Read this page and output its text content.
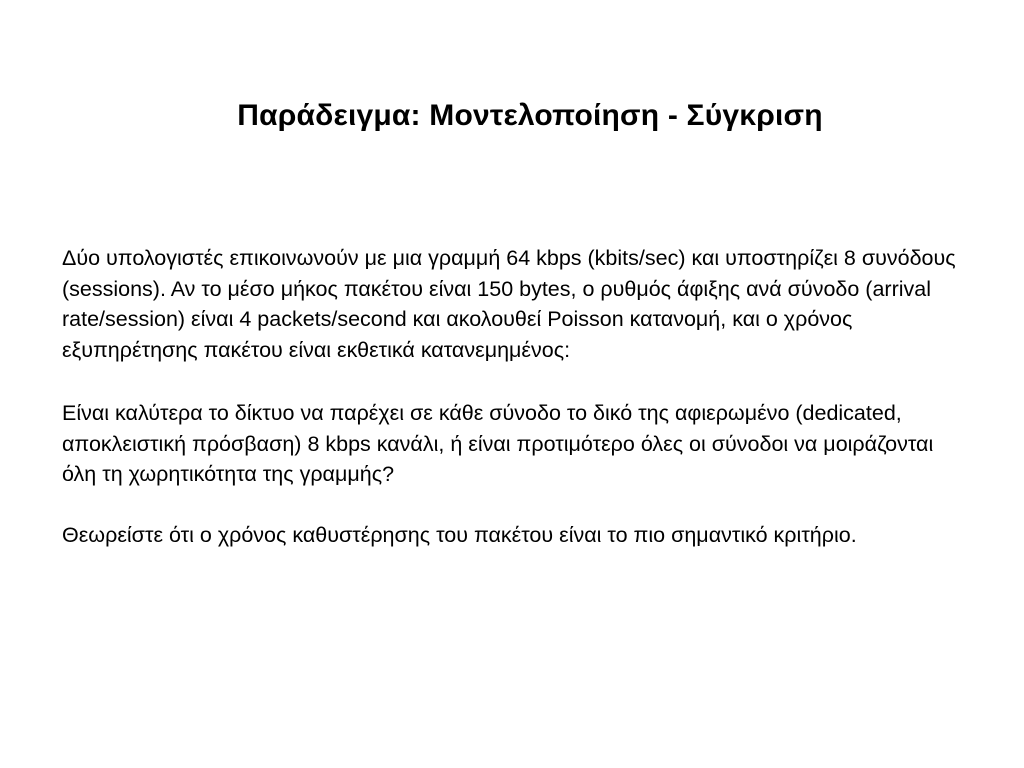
Παράδειγμα: Μοντελοποίηση - Σύγκριση

Δύο υπολογιστές επικοινωνούν με μια γραμμή 64 kbps (kbits/sec) και υποστηρίζει 8 συνόδους (sessions). Αν το μέσο μήκος πακέτου είναι 150 bytes, ο ρυθμός άφιξης ανά σύνοδο (arrival rate/session) είναι 4 packets/second και ακολουθεί Poisson κατανομή, και ο χρόνος εξυπηρέτησης πακέτου είναι εκθετικά κατανεμημένος:

Είναι καλύτερα το δίκτυο να παρέχει σε κάθε σύνοδο το δικό της αφιερωμένο (dedicated, αποκλειστική πρόσβαση) 8 kbps κανάλι, ή είναι προτιμότερο όλες οι σύνοδοι να μοιράζονται όλη τη χωρητικότητα της γραμμής?

Θεωρείστε ότι ο χρόνος καθυστέρησης του πακέτου είναι το πιο σημαντικό κριτήριο.
